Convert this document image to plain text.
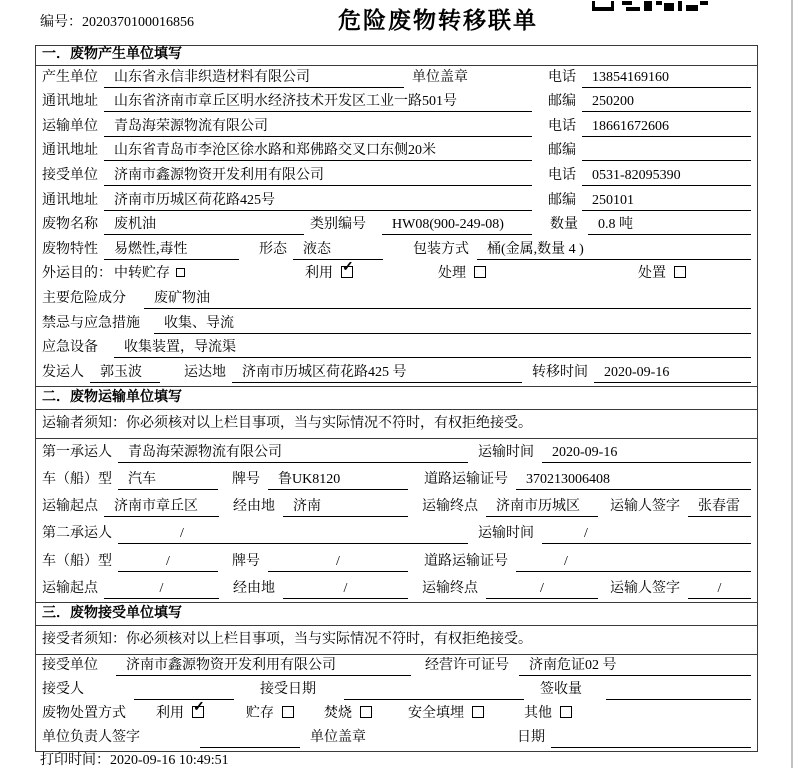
编号：2020370100016856	危险废物转移联单
一．废物产生单位填写
产生单位	山东省永信非织造材料有限公司	单位盖章	电话	13854169160
通讯地址	山东省济南市章丘区明水经济技术开发区工业一路501号	邮编	250200
运输单位	青岛海荣源物流有限公司	电话	18661672606
通讯地址	山东省青岛市李沧区徐水路和郑佛路交叉口东侧20米	邮编
接受单位	济南市鑫源物资开发利用有限公司	电话	0531-82095390
通讯地址	济南市历城区荷花路425号	邮编	250101
废物名称	废机油	类别编号	HW08(900-249-08)	数量	0.8 吨
废物特性	易燃性,毒性	形态	液态	包装方式	桶(金属,数量 4 )
外运目的： 中转贮存	利用 ✓	处理	处置
主要危险成分	废矿物油
禁忌与应急措施	收集、导流
应急设备	收集装置，导流渠
发运人	郭玉波	运达地	济南市历城区荷花路425 号	转移时间	2020-09-16
二．废物运输单位填写
运输者须知：你必须核对以上栏目事项，当与实际情况不符时，有权拒绝接受。
第一承运人	青岛海荣源物流有限公司	运输时间	2020-09-16
车（船）型	汽车	牌号	鲁UK8120	道路运输证号	370213006408
运输起点	济南市章丘区	经由地	济南	运输终点	济南市历城区	运输人签字	张春雷
第二承运人	/	运输时间	/
车（船）型	/	牌号	/	道路运输证号	/
运输起点	/	经由地	/	运输终点	/	运输人签字	/
三．废物接受单位填写
接受者须知：你必须核对以上栏目事项，当与实际情况不符时，有权拒绝接受。
接受单位	济南市鑫源物资开发利用有限公司	经营许可证号	济南危证02 号
接受人	接受日期	签收量
废物处置方式 利用 ✓	贮存	焚烧	安全填埋	其他
单位负责人签字	单位盖章	日期
打印时间：2020-09-16 10:49:51
